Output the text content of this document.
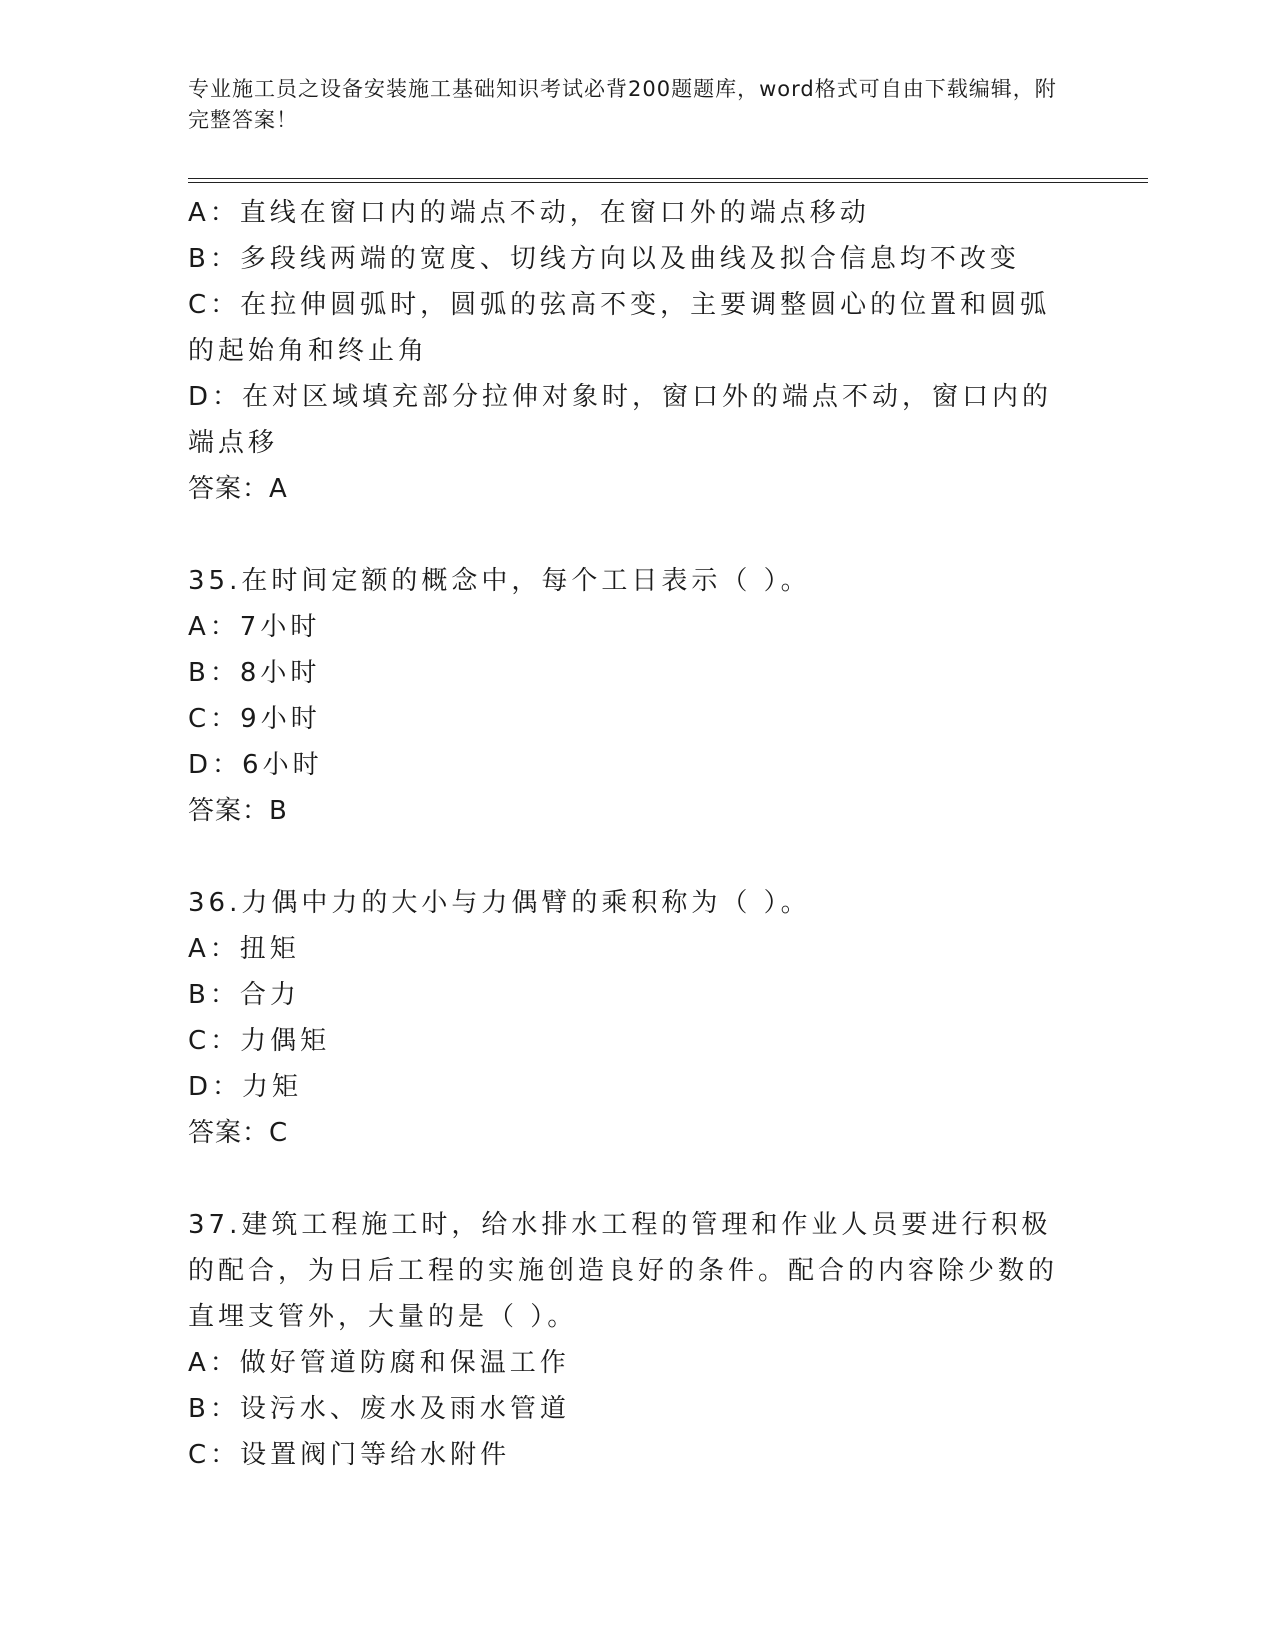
专业施工员之设备安装施工基础知识考试必背200题题库，word格式可自由下载编辑，附完整答案！

A：直线在窗口内的端点不动，在窗口外的端点移动

B：多段线两端的宽度、切线方向以及曲线及拟合信息均不改变

C：在拉伸圆弧时，圆弧的弦高不变，主要调整圆心的位置和圆弧的起始角和终止角

D：在对区域填充部分拉伸对象时，窗口外的端点不动，窗口内的端点移

答案：A

35.在时间定额的概念中，每个工日表示（ ）。

A：7小时

B：8小时

C：9小时

D：6小时

答案：B

36.力偶中力的大小与力偶臂的乘积称为（ ）。

A：扭矩

B：合力

C：力偶矩

D：力矩

答案：C

37.建筑工程施工时，给水排水工程的管理和作业人员要进行积极的配合，为日后工程的实施创造良好的条件。配合的内容除少数的直埋支管外，大量的是（ ）。

A：做好管道防腐和保温工作

B：设污水、废水及雨水管道

C：设置阀门等给水附件
